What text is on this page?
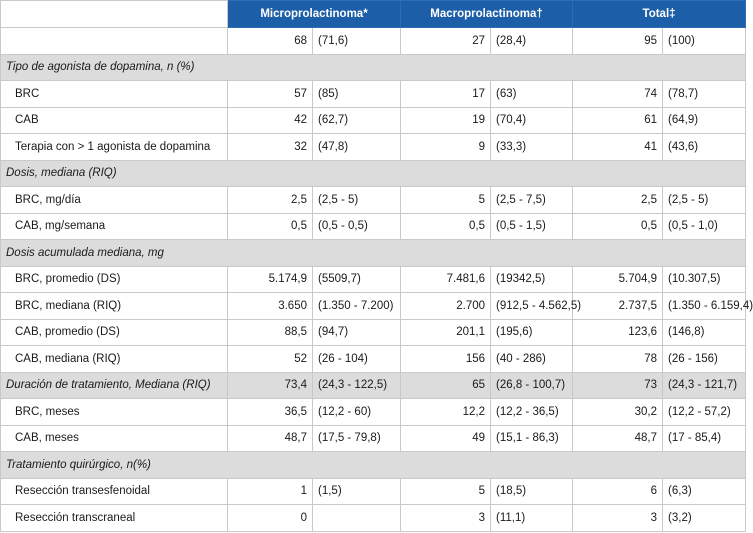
	Microprolactinoma*		Macroprolactinoma†		Total‡	
	68	(71,6)	27	(28,4)	95	(100)
Tipo de agonista de dopamina, n (%)						
BRC	57	(85)	17	(63)	74	(78,7)
CAB	42	(62,7)	19	(70,4)	61	(64,9)
Terapia con > 1 agonista de dopamina	32	(47,8)	9	(33,3)	41	(43,6)
Dosis, mediana (RIQ)						
BRC, mg/día	2,5	(2,5 - 5)	5	(2,5 - 7,5)	2,5	(2,5 - 5)
CAB, mg/semana	0,5	(0,5 - 0,5)	0,5	(0,5 - 1,5)	0,5	(0,5 - 1,0)
Dosis acumulada mediana, mg						
BRC, promedio (DS)	5.174,9	(5509,7)	7.481,6	(19342,5)	5.704,9	(10.307,5)
BRC, mediana (RIQ)	3.650	(1.350 - 7.200)	2.700	(912,5 - 4.562,5)	2.737,5	(1.350 - 6.159,4)
CAB, promedio (DS)	88,5	(94,7)	201,1	(195,6)	123,6	(146,8)
CAB, mediana (RIQ)	52	(26 - 104)	156	(40 - 286)	78	(26 - 156)
Duración de tratamiento, Mediana (RIQ)	73,4	(24,3 - 122,5)	65	(26,8 - 100,7)	73	(24,3 - 121,7)
BRC, meses	36,5	(12,2 - 60)	12,2	(12,2 - 36,5)	30,2	(12,2 - 57,2)
CAB, meses	48,7	(17,5 - 79,8)	49	(15,1 - 86,3)	48,7	(17 - 85,4)
Tratamiento quirúrgico, n(%)						
Resección transesfenoidal	1	(1,5)	5	(18,5)	6	(6,3)
Resección transcraneal	0		3	(11,1)	3	(3,2)
